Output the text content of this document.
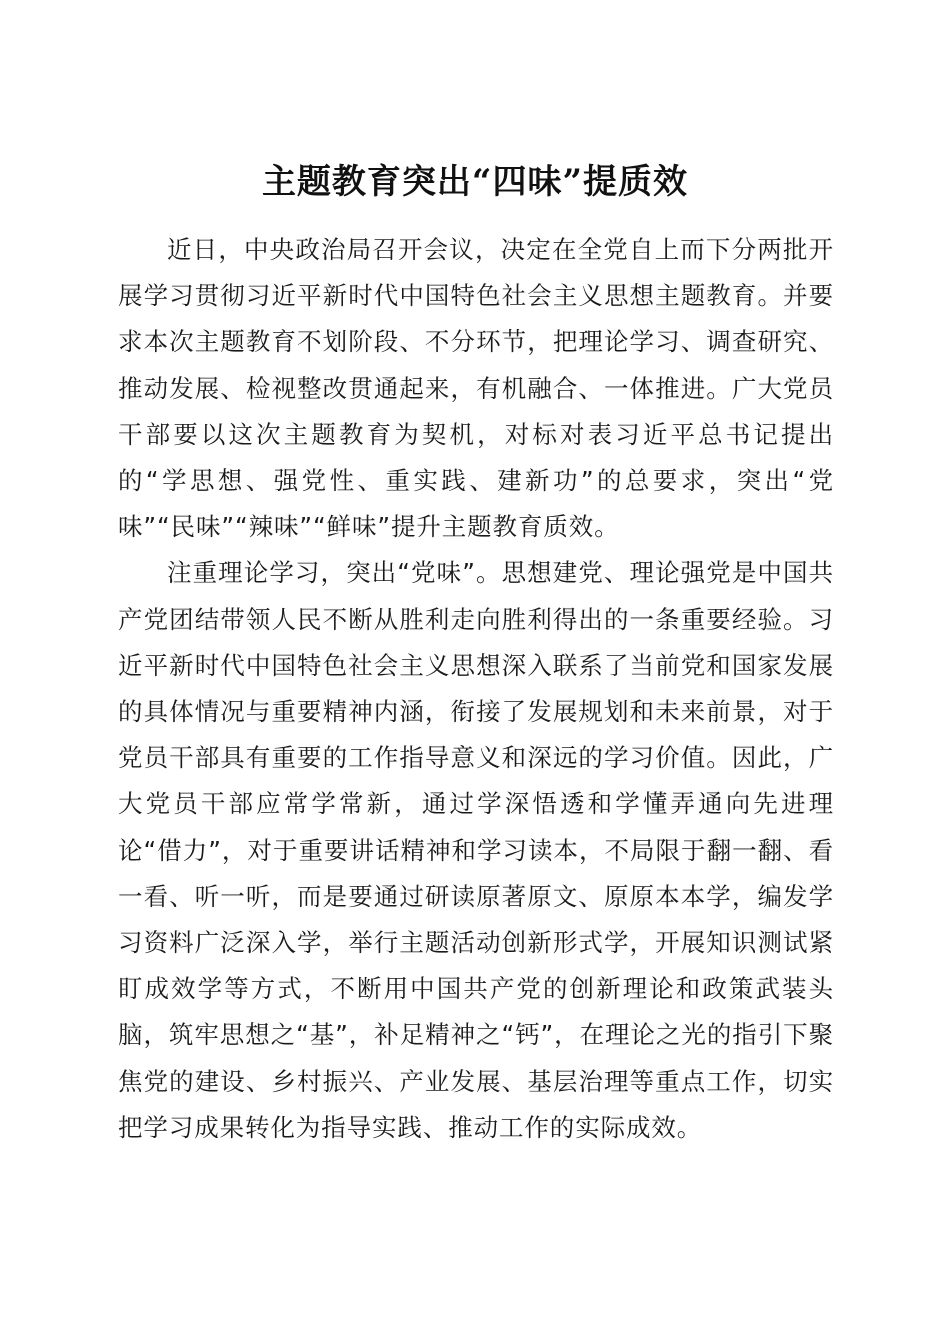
主题教育突出“四味”提质效

近日，中央政治局召开会议，决定在全党自上而下分两批开展学习贯彻习近平新时代中国特色社会主义思想主题教育。并要求本次主题教育不划阶段、不分环节，把理论学习、调查研究、推动发展、检视整改贯通起来，有机融合、一体推进。广大党员干部要以这次主题教育为契机，对标对表习近平总书记提出的“学思想、强党性、重实践、建新功”的总要求，突出“党味”“民味”“辣味”“鲜味”提升主题教育质效。

注重理论学习，突出“党味”。思想建党、理论强党是中国共产党团结带领人民不断从胜利走向胜利得出的一条重要经验。习近平新时代中国特色社会主义思想深入联系了当前党和国家发展的具体情况与重要精神内涵，衔接了发展规划和未来前景，对于党员干部具有重要的工作指导意义和深远的学习价值。因此，广大党员干部应常学常新，通过学深悟透和学懂弄通向先进理论“借力”，对于重要讲话精神和学习读本，不局限于翻一翻、看一看、听一听，而是要通过研读原著原文、原原本本学，编发学习资料广泛深入学，举行主题活动创新形式学，开展知识测试紧盯成效学等方式，不断用中国共产党的创新理论和政策武装头脑，筑牢思想之“基”，补足精神之“钙”，在理论之光的指引下聚焦党的建设、乡村振兴、产业发展、基层治理等重点工作，切实把学习成果转化为指导实践、推动工作的实际成效。
